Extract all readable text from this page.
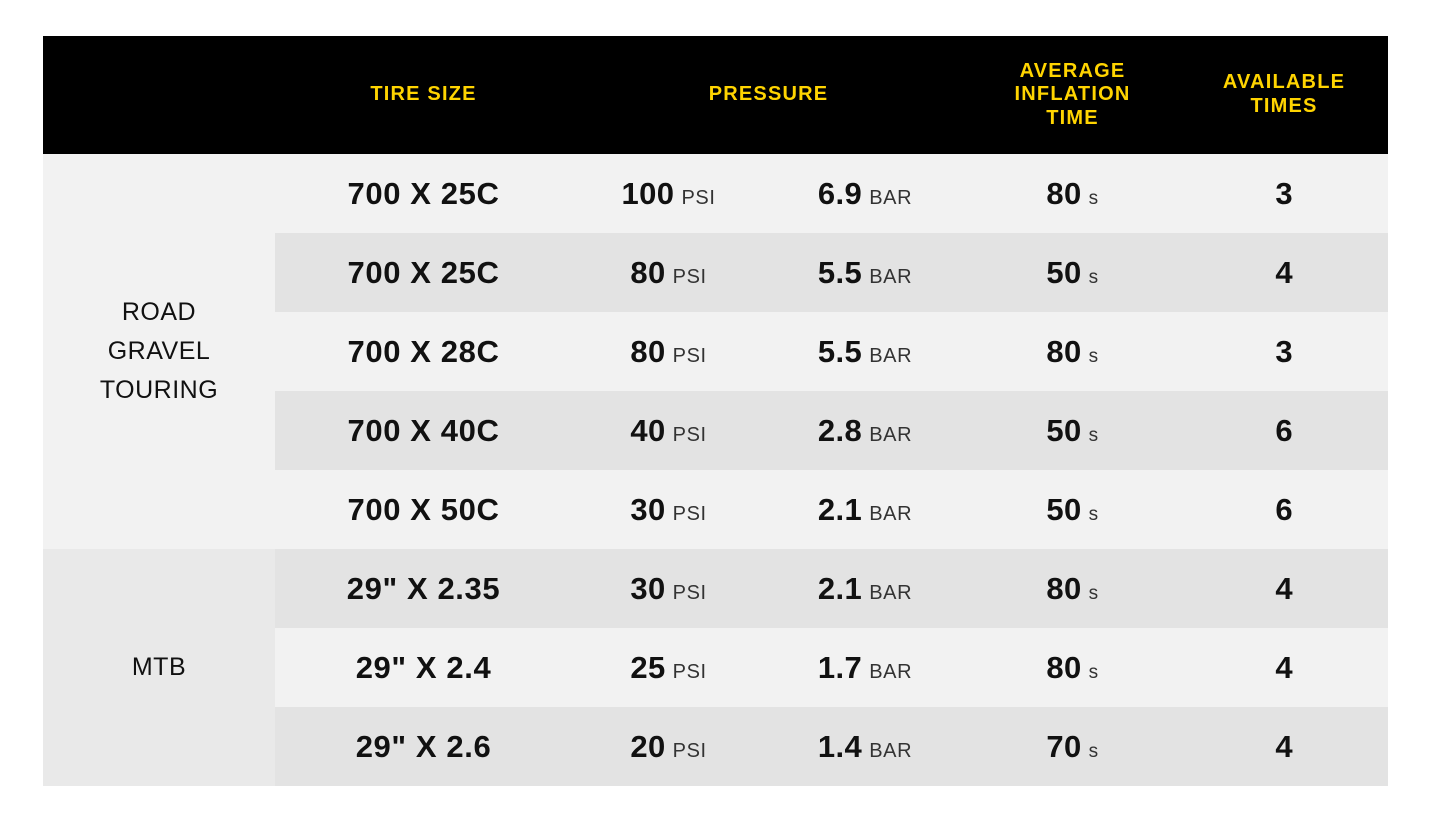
	TIRE SIZE	PRESSURE		AVERAGE
INFLATION
TIME	AVAILABLE
TIMES

ROAD
GRAVEL
TOURING	700 X 25C	100 PSI	6.9 BAR	80 s	3
	700 X 25C	80 PSI	5.5 BAR	50 s	4
	700 X 28C	80 PSI	5.5 BAR	80 s	3
	700 X 40C	40 PSI	2.8 BAR	50 s	6
	700 X 50C	30 PSI	2.1 BAR	50 s	6

MTB	29" X 2.35	30 PSI	2.1 BAR	80 s	4
	29" X 2.4	25 PSI	1.7 BAR	80 s	4
	29" X 2.6	20 PSI	1.4 BAR	70 s	4
